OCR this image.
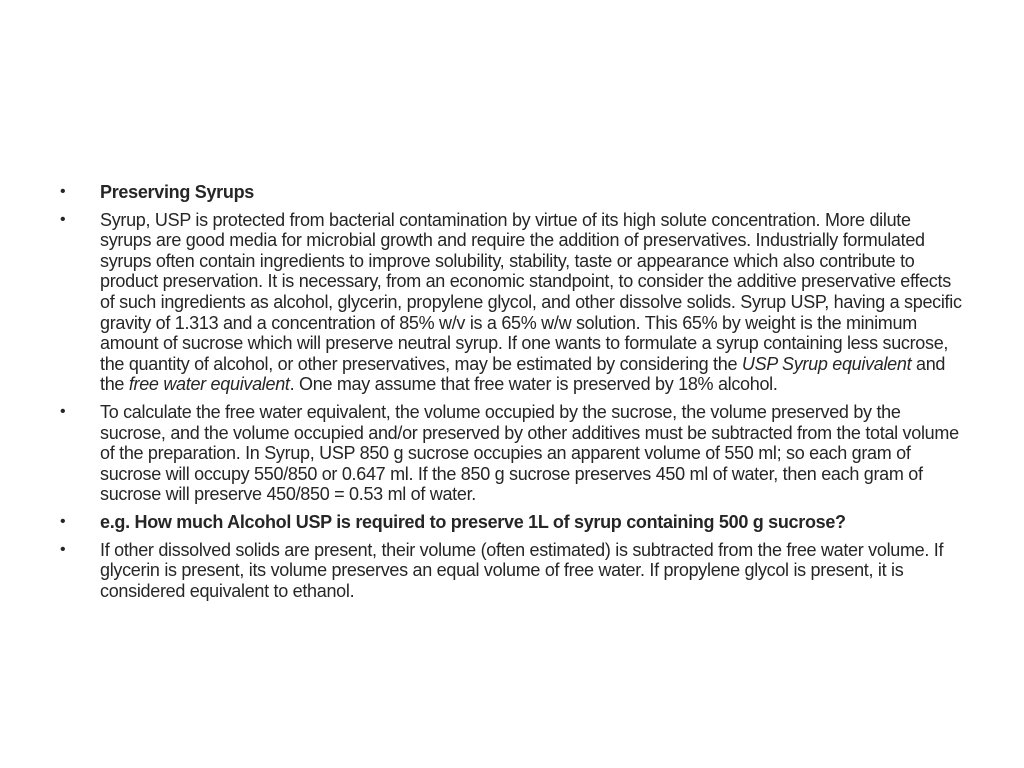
•	Preserving Syrups
•	Syrup, USP is protected from bacterial contamination by virtue of its high solute concentration. More dilute syrups are good media for microbial growth and require the addition of preservatives. Industrially formulated syrups often contain ingredients to improve solubility, stability, taste or appearance which also contribute to product preservation. It is necessary, from an economic standpoint, to consider the additive preservative effects of such ingredients as alcohol, glycerin, propylene glycol, and other dissolve solids. Syrup USP, having a specific gravity of 1.313 and a concentration of 85% w/v is a 65% w/w solution. This 65% by weight is the minimum amount of sucrose which will preserve neutral syrup. If one wants to formulate a syrup containing less sucrose, the quantity of alcohol, or other preservatives, may be estimated by considering the USP Syrup equivalent and the free water equivalent. One may assume that free water is preserved by 18% alcohol.
•	To calculate the free water equivalent, the volume occupied by the sucrose, the volume preserved by the sucrose, and the volume occupied and/or preserved by other additives must be subtracted from the total volume of the preparation. In Syrup, USP 850 g sucrose occupies an apparent volume of 550 ml; so each gram of sucrose will occupy 550/850 or 0.647 ml. If the 850 g sucrose preserves 450 ml of water, then each gram of sucrose will preserve 450/850 = 0.53 ml of water.
•	e.g. How much Alcohol USP is required to preserve 1L of syrup containing 500 g sucrose?
•	If other dissolved solids are present, their volume (often estimated) is subtracted from the free water volume. If glycerin is present, its volume preserves an equal volume of free water. If propylene glycol is present, it is considered equivalent to ethanol.
